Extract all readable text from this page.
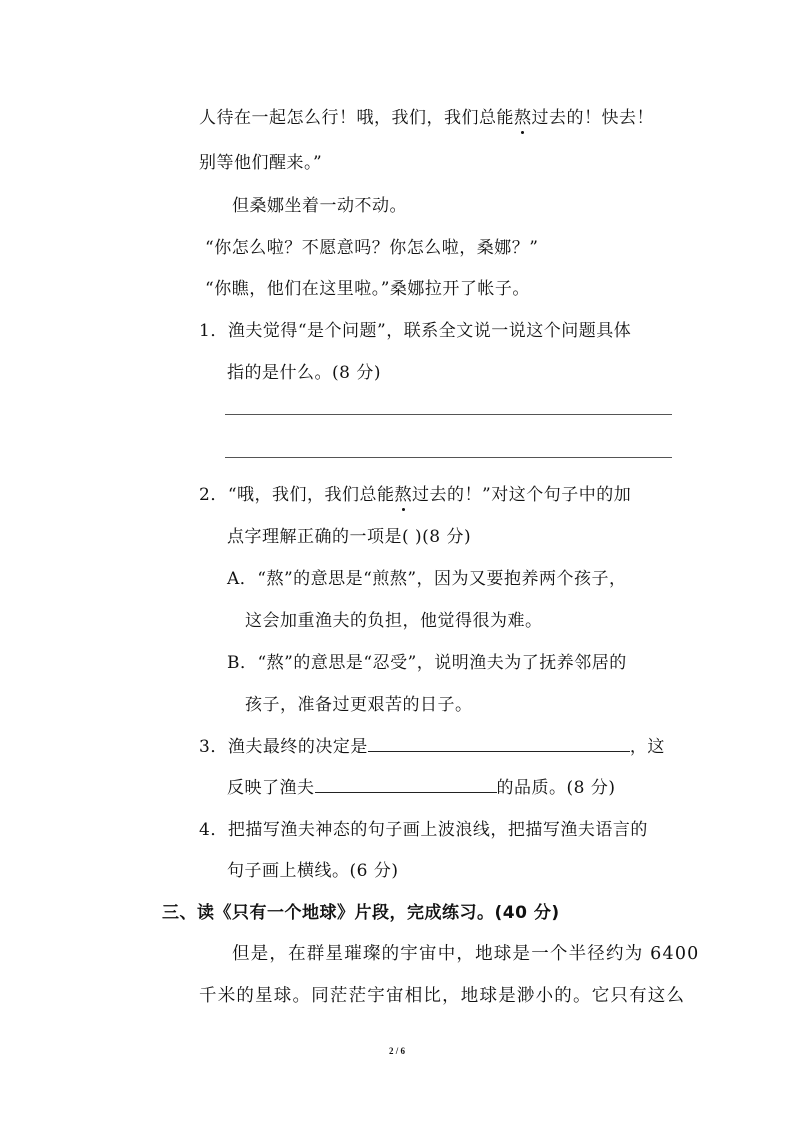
人待在一起怎么行！哦，我们，我们总能熬过去的！快去！
别等他们醒来。”
但桑娜坐着一动不动。
“你怎么啦？不愿意吗？你怎么啦，桑娜？”
“你瞧，他们在这里啦。”桑娜拉开了帐子。
1．渔夫觉得“是个问题”，联系全文说一说这个问题具体
指的是什么。(8 分)
2．“哦，我们，我们总能熬过去的！”对这个句子中的加
点字理解正确的一项是( )(8 分)
A．“熬”的意思是“煎熬”，因为又要抱养两个孩子，
这会加重渔夫的负担，他觉得很为难。
B．“熬”的意思是“忍受”，说明渔夫为了抚养邻居的
孩子，准备过更艰苦的日子。
3．渔夫最终的决定是	，这
反映了渔夫	的品质。(8 分)
4．把描写渔夫神态的句子画上波浪线，把描写渔夫语言的
句子画上横线。(6 分)
三、读《只有一个地球》片段，完成练习。(40 分)
但是，在群星璀璨的宇宙中，地球是一个半径约为 6400
千米的星球。同茫茫宇宙相比，地球是渺小的。它只有这么
2 / 6
